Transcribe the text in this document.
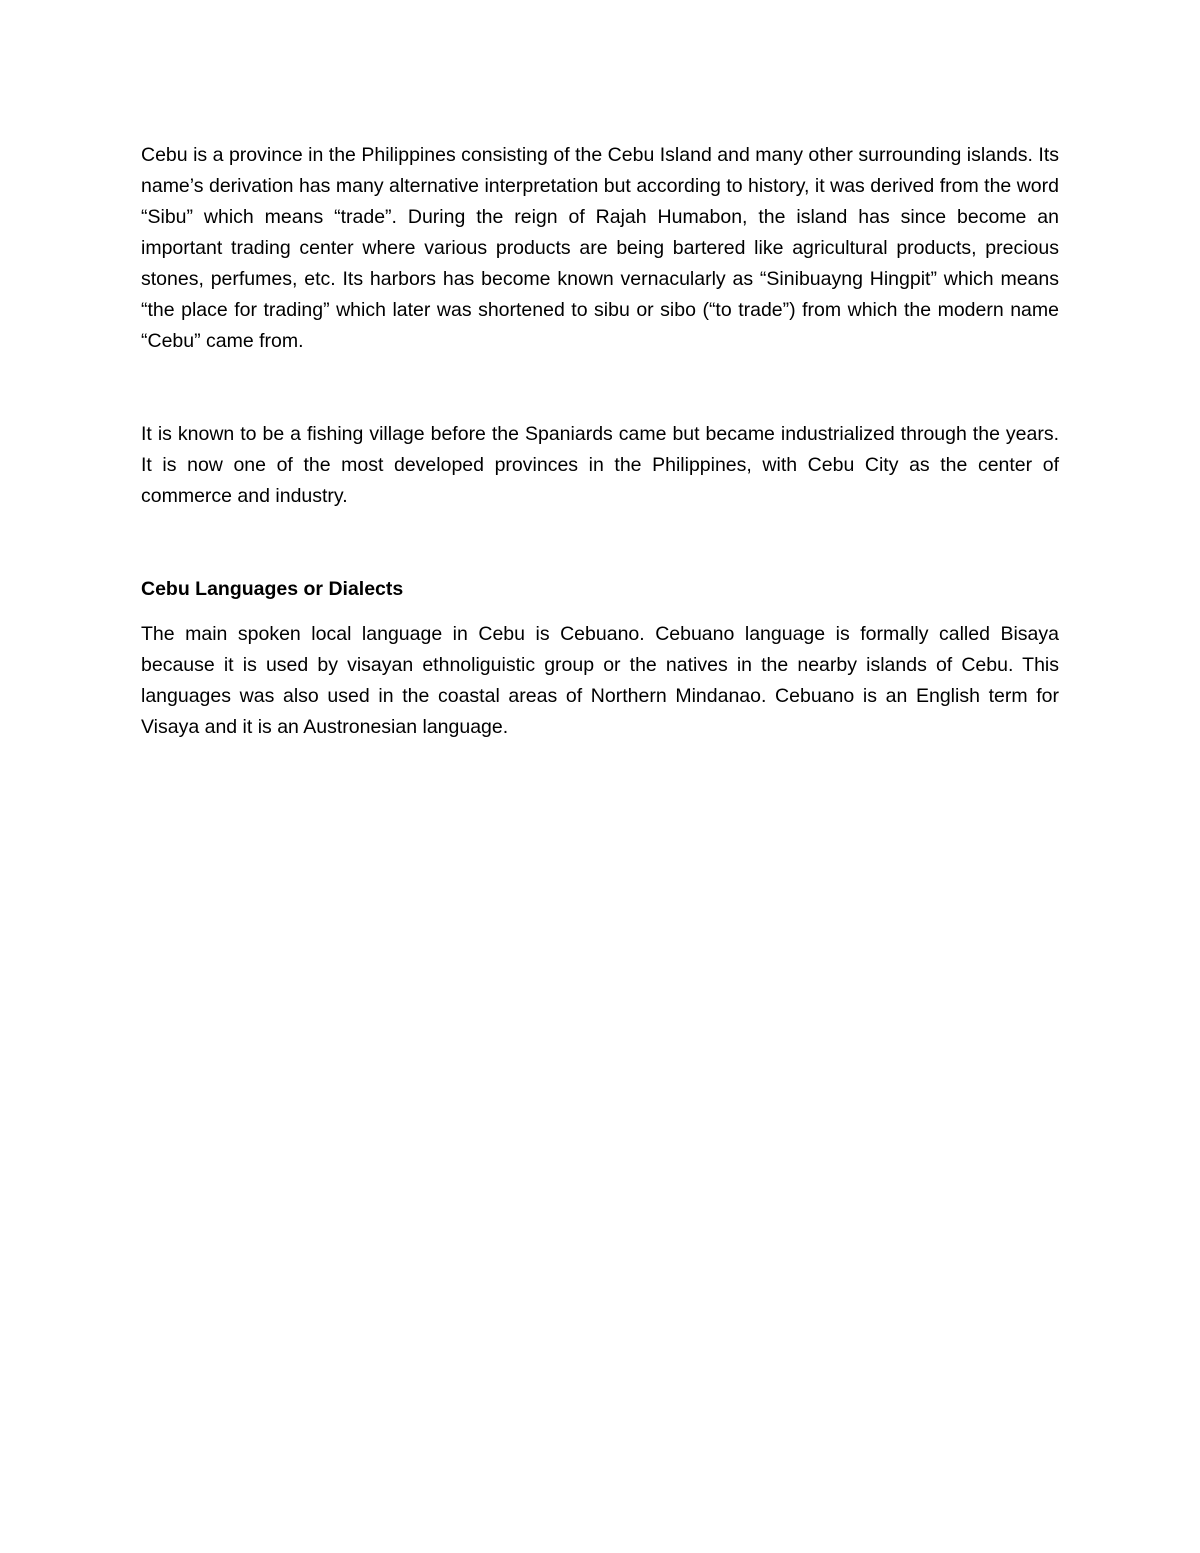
Cebu is a province in the Philippines consisting of the Cebu Island and many other surrounding islands. Its name’s derivation has many alternative interpretation but according to history, it was derived from the word “Sibu” which means “trade”. During the reign of Rajah Humabon, the island has since become an important trading center where various products are being bartered like agricultural products, precious stones, perfumes, etc. Its harbors has become known vernacularly as “Sinibuayng Hingpit” which means “the place for trading” which later was shortened to sibu or sibo (“to trade”) from which the modern name “Cebu” came from.

It is known to be a fishing village before the Spaniards came but became industrialized through the years. It is now one of the most developed provinces in the Philippines, with Cebu City as the center of commerce and industry.

Cebu Languages or Dialects

The main spoken local language in Cebu is Cebuano. Cebuano language is formally called Bisaya because it is used by visayan ethnoliguistic group or the natives in the nearby islands of Cebu. This languages was also used in the coastal areas of Northern Mindanao. Cebuano is an English term for Visaya and it is an Austronesian language.
